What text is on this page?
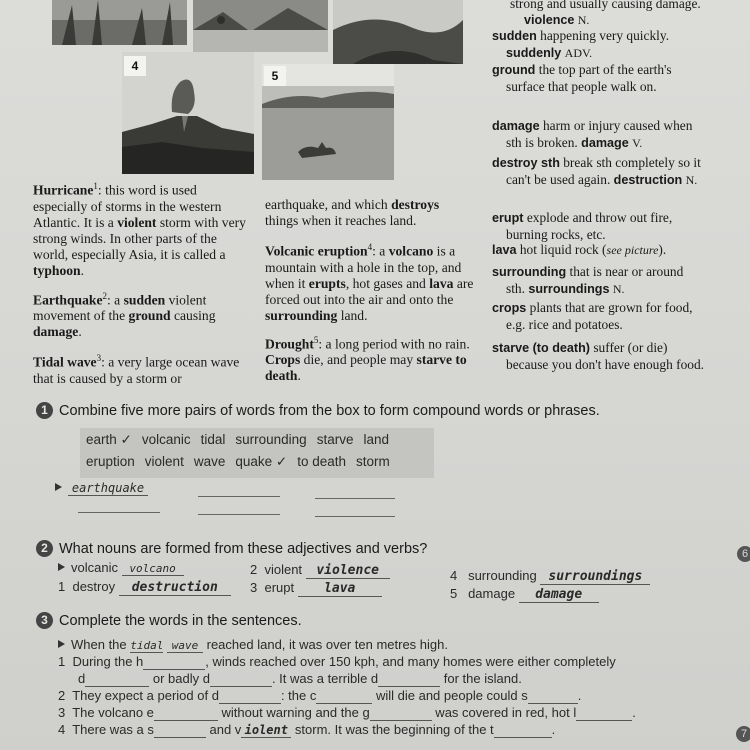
4
5

Hurricane$^1$: this word is used especially of storms in the western Atlantic. It is a violent storm with very strong winds. In other parts of the world, especially Asia, it is called a typhoon.

Earthquake$^2$: a sudden violent movement of the ground causing damage.

Tidal wave$^3$: a very large ocean wave that is caused by a storm or

earthquake, and which destroys things when it reaches land.

Volcanic eruption$^4$: a volcano is a mountain with a hole in the top, and when it erupts, hot gases and lava are forced out into the air and onto the surrounding land.

Drought$^5$: a long period with no rain. Crops die, and people may starve to death.

strong and usually causing damage. violence N.
sudden happening very quickly. suddenly ADV.
ground the top part of the earth's surface that people walk on.
damage harm or injury caused when sth is broken. damage V.
destroy sth break sth completely so it can't be used again. destruction N.
erupt explode and throw out fire, burning rocks, etc.
lava hot liquid rock (see picture).
surrounding that is near or around sth. surroundings N.
crops plants that are grown for food, e.g. rice and potatoes.
starve (to death) suffer (or die) because you don't have enough food.
1 Combine five more pairs of words from the box to form compound words or phrases.
earth ✓ volcanic tidal surrounding starve land
eruption violent wave quake ✓ to death storm
earthquake
2 What nouns are formed from these adjectives and verbs?
volcanic volcano
1 destroy destruction
2 violent violence
3 erupt lava
4 surrounding surroundings
5 damage damage
3 Complete the words in the sentences.
When the tidal wave reached land, it was over ten metres high.
1 During the h	, winds reached over 150 kph, and many homes were either completely
d	or badly d	. It was a terrible d	for the island.
2 They expect a period of d	: the c	will die and people could s	.
3 The volcano e	without warning and the g	was covered in red, hot l	.
4 There was a s	and v iolent storm. It was the beginning of the t	.
6
7
